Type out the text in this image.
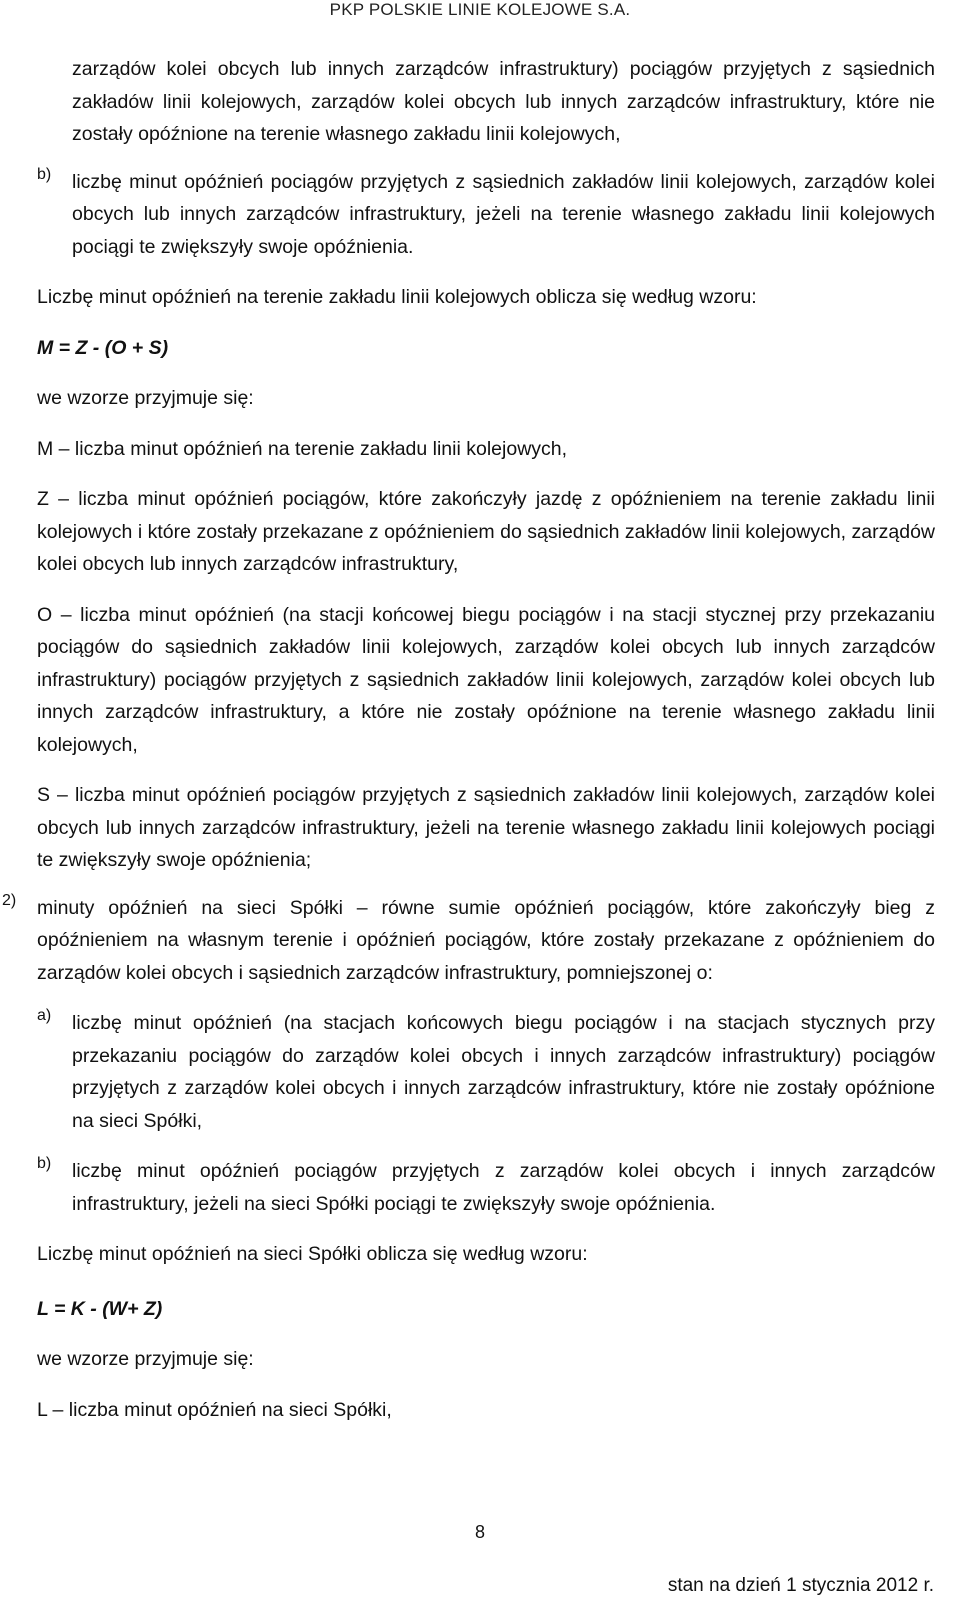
PKP POLSKIE LINIE KOLEJOWE S.A.

zarządów kolei obcych lub innych zarządców infrastruktury) pociągów przyjętych z sąsiednich zakładów linii kolejowych, zarządów kolei obcych lub innych zarządców infrastruktury, które nie zostały opóźnione na terenie własnego zakładu linii kolejowych,

b) liczbę minut opóźnień pociągów przyjętych z sąsiednich zakładów linii kolejowych, zarządów kolei obcych lub innych zarządców infrastruktury, jeżeli na terenie własnego zakładu linii kolejowych pociągi te zwiększyły swoje opóźnienia.

Liczbę minut opóźnień na terenie zakładu linii kolejowych oblicza się według wzoru:

M = Z - (O + S)

we wzorze przyjmuje się:

M – liczba minut opóźnień na terenie zakładu linii kolejowych,

Z – liczba minut opóźnień pociągów, które zakończyły jazdę z opóźnieniem na terenie zakładu linii kolejowych i które zostały przekazane z opóźnieniem do sąsiednich zakładów linii kolejowych, zarządów kolei obcych lub innych zarządców infrastruktury,

O – liczba minut opóźnień (na stacji końcowej biegu pociągów i na stacji stycznej przy przekazaniu pociągów do sąsiednich zakładów linii kolejowych, zarządów kolei obcych lub innych zarządców infrastruktury) pociągów przyjętych z sąsiednich zakładów linii kolejowych, zarządów kolei obcych lub innych zarządców infrastruktury, a które nie zostały opóźnione na terenie własnego zakładu linii kolejowych,

S – liczba minut opóźnień pociągów przyjętych z sąsiednich zakładów linii kolejowych, zarządów kolei obcych lub innych zarządców infrastruktury, jeżeli na terenie własnego zakładu linii kolejowych pociągi te zwiększyły swoje opóźnienia;

2) minuty opóźnień na sieci Spółki – równe sumie opóźnień pociągów, które zakończyły bieg z opóźnieniem na własnym terenie i opóźnień pociągów, które zostały przekazane z opóźnieniem do zarządów kolei obcych i sąsiednich zarządców infrastruktury, pomniejszonej o:

a) liczbę minut opóźnień (na stacjach końcowych biegu pociągów i na stacjach stycznych przy przekazaniu pociągów do zarządów kolei obcych i innych zarządców infrastruktury) pociągów przyjętych z zarządów kolei obcych i innych zarządców infrastruktury, które nie zostały opóźnione na sieci Spółki,

b) liczbę minut opóźnień pociągów przyjętych z zarządów kolei obcych i innych zarządców infrastruktury, jeżeli na sieci Spółki pociągi te zwiększyły swoje opóźnienia.

Liczbę minut opóźnień na sieci Spółki oblicza się według wzoru:

L = K - (W+ Z)

we wzorze przyjmuje się:

L – liczba minut opóźnień na sieci Spółki,

8
stan na dzień 1 stycznia 2012 r.
